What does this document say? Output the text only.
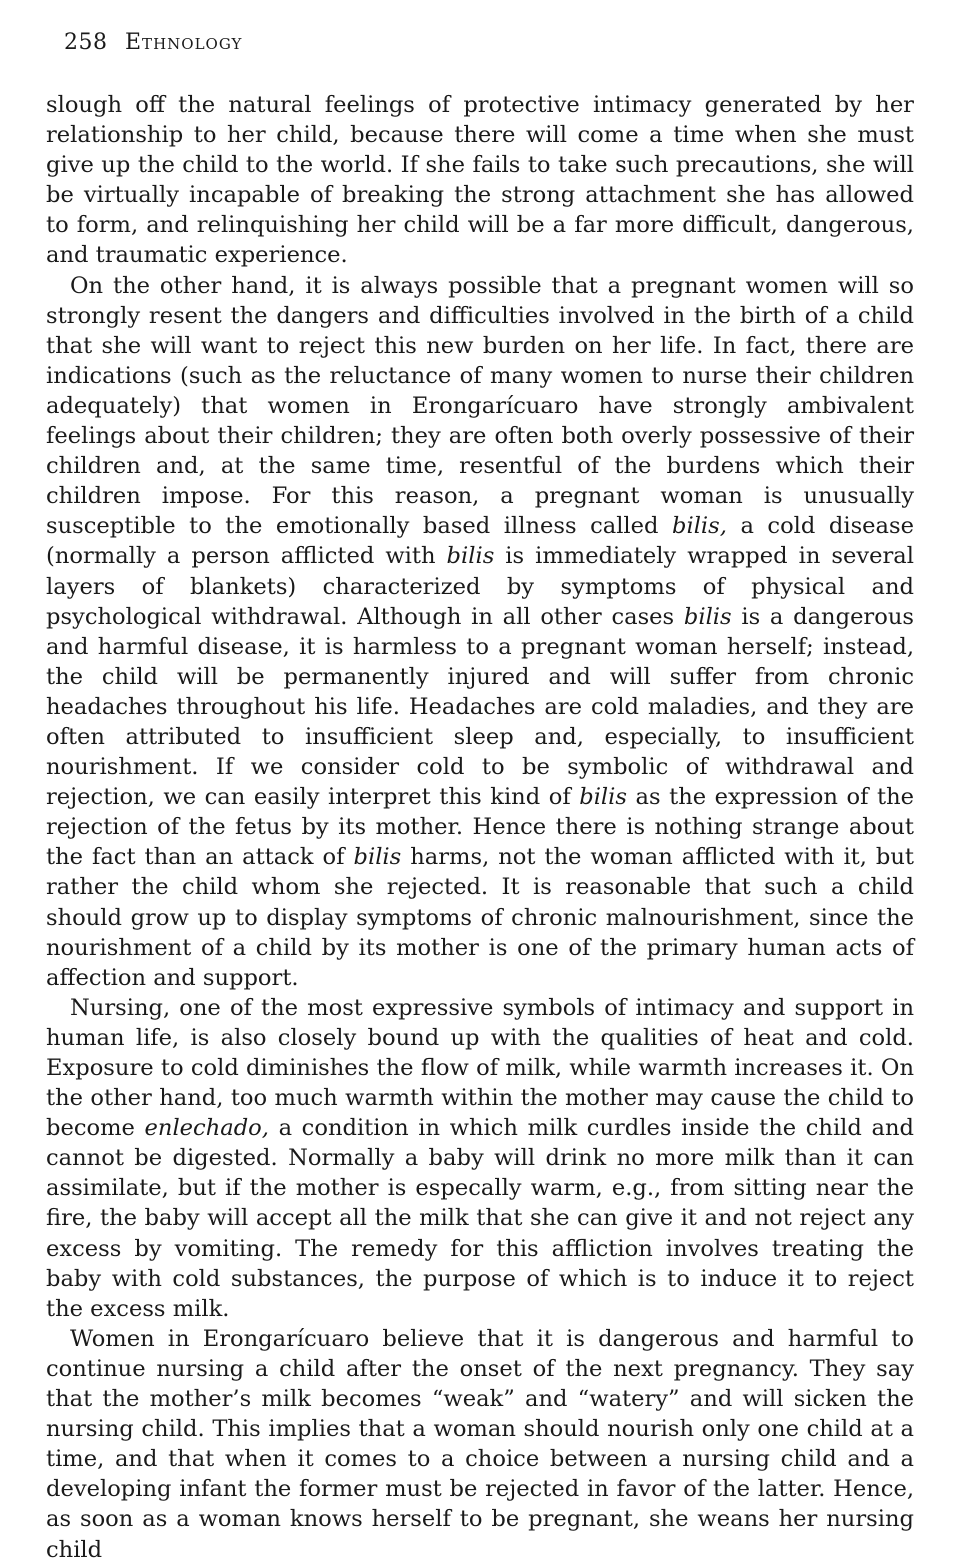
258 Ethnology

slough off the natural feelings of protective intimacy generated by her relationship to her child, because there will come a time when she must give up the child to the world. If she fails to take such precautions, she will be virtually incapable of breaking the strong attachment she has allowed to form, and relinquishing her child will be a far more difficult, dangerous, and traumatic experience.

On the other hand, it is always possible that a pregnant women will so strongly resent the dangers and difficulties involved in the birth of a child that she will want to reject this new burden on her life. In fact, there are indications (such as the reluctance of many women to nurse their children adequately) that women in Erongarícuaro have strongly ambivalent feelings about their children; they are often both overly possessive of their children and, at the same time, resentful of the burdens which their children impose. For this reason, a pregnant woman is unusually susceptible to the emotionally based illness called bilis, a cold disease (normally a person afflicted with bilis is immediately wrapped in several layers of blankets) characterized by symptoms of physical and psychological withdrawal. Although in all other cases bilis is a dangerous and harmful disease, it is harmless to a pregnant woman herself; instead, the child will be permanently injured and will suffer from chronic headaches throughout his life. Headaches are cold maladies, and they are often attributed to insufficient sleep and, especially, to insufficient nourishment. If we consider cold to be symbolic of withdrawal and rejection, we can easily interpret this kind of bilis as the expression of the rejection of the fetus by its mother. Hence there is nothing strange about the fact than an attack of bilis harms, not the woman afflicted with it, but rather the child whom she rejected. It is reasonable that such a child should grow up to display symptoms of chronic malnourishment, since the nourishment of a child by its mother is one of the primary human acts of affection and support.

Nursing, one of the most expressive symbols of intimacy and support in human life, is also closely bound up with the qualities of heat and cold. Exposure to cold diminishes the flow of milk, while warmth increases it. On the other hand, too much warmth within the mother may cause the child to become enlechado, a condition in which milk curdles inside the child and cannot be digested. Normally a baby will drink no more milk than it can assimilate, but if the mother is especally warm, e.g., from sitting near the fire, the baby will accept all the milk that she can give it and not reject any excess by vomiting. The remedy for this affliction involves treating the baby with cold substances, the purpose of which is to induce it to reject the excess milk.

Women in Erongarícuaro believe that it is dangerous and harmful to continue nursing a child after the onset of the next pregnancy. They say that the mother’s milk becomes “weak” and “watery” and will sicken the nursing child. This implies that a woman should nourish only one child at a time, and that when it comes to a choice between a nursing child and a developing infant the former must be rejected in favor of the latter. Hence, as soon as a woman knows herself to be pregnant, she weans her nursing child
